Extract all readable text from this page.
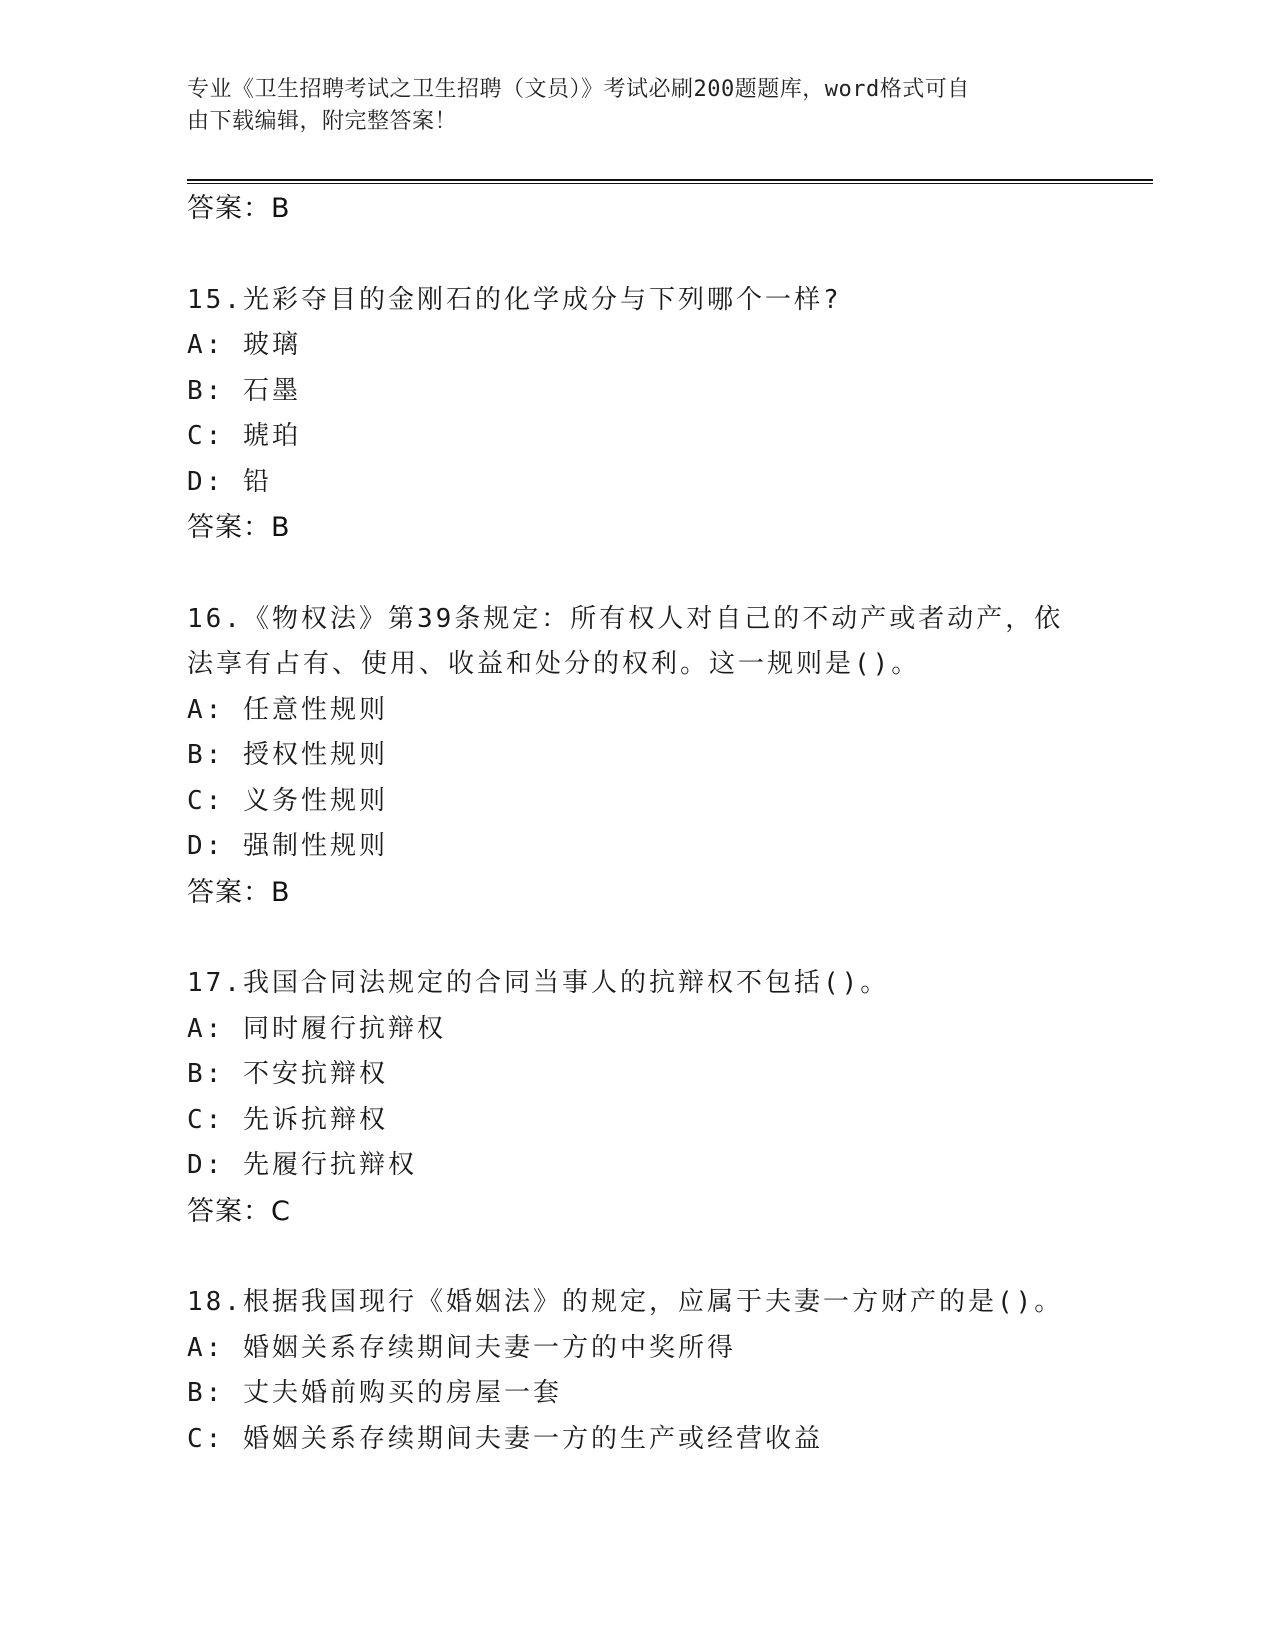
专业《卫生招聘考试之卫生招聘（文员）》考试必刷200题题库，word格式可自
由下载编辑，附完整答案！
答案：B
15.光彩夺目的金刚石的化学成分与下列哪个一样?
A: 玻璃
B: 石墨
C: 琥珀
D: 铅
答案：B
16.《物权法》第39条规定：所有权人对自己的不动产或者动产，依
法享有占有、使用、收益和处分的权利。这一规则是()。
A: 任意性规则
B: 授权性规则
C: 义务性规则
D: 强制性规则
答案：B
17.我国合同法规定的合同当事人的抗辩权不包括()。
A: 同时履行抗辩权
B: 不安抗辩权
C: 先诉抗辩权
D: 先履行抗辩权
答案：C
18.根据我国现行《婚姻法》的规定，应属于夫妻一方财产的是()。
A: 婚姻关系存续期间夫妻一方的中奖所得
B: 丈夫婚前购买的房屋一套
C: 婚姻关系存续期间夫妻一方的生产或经营收益
